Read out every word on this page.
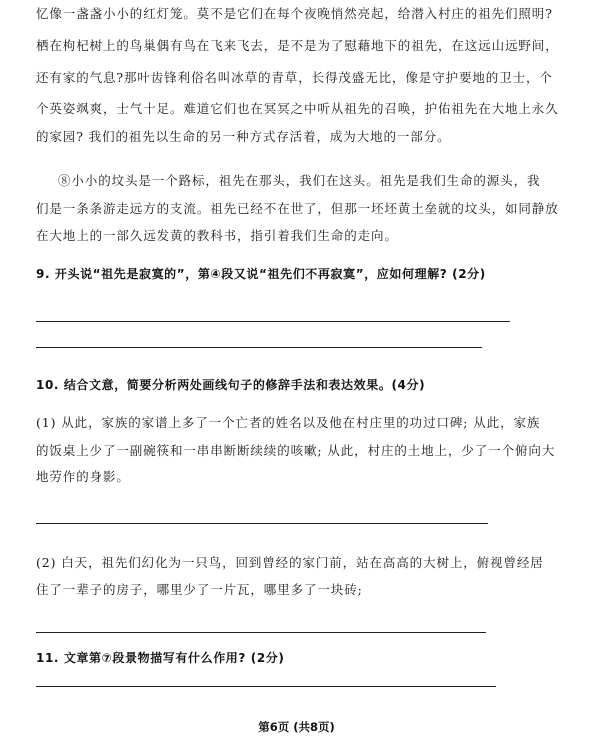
忆像一盏盏小小的红灯笼。莫不是它们在每个夜晚悄然亮起，给潜入村庄的祖先们照明?
栖在枸杞树上的鸟巢偶有鸟在飞来飞去，是不是为了慰藉地下的祖先，在这远山远野间，
还有家的气息?那叶齿锋利俗名叫冰草的青草，长得茂盛无比，像是守护要地的卫士，个
个英姿飒爽，士气十足。难道它们也在冥冥之中听从祖先的召唤，护佑祖先在大地上永久
的家园? 我们的祖先以生命的另一种方式存活着，成为大地的一部分。
⑧小小的坟头是一个路标，祖先在那头，我们在这头。祖先是我们生命的源头，我
们是一条条游走远方的支流。祖先已经不在世了，但那一坯坯黄土垒就的坟头，如同静放
在大地上的一部久远发黄的教科书，指引着我们生命的走向。
9. 开头说“祖先是寂寞的”，第④段又说“祖先们不再寂寞”，应如何理解? (2分)
10. 结合文意，简要分析两处画线句子的修辞手法和表达效果。(4分)
(1) 从此，家族的家谱上多了一个亡者的姓名以及他在村庄里的功过口碑; 从此，家族
的饭桌上少了一副碗筷和一串串断断续续的咳嗽; 从此，村庄的土地上，少了一个俯向大
地劳作的身影。
(2) 白天，祖先们幻化为一只鸟，回到曾经的家门前，站在高高的大树上，俯视曾经居
住了一辈子的房子，哪里少了一片瓦，哪里多了一块砖;
11. 文章第⑦段景物描写有什么作用? (2分)
第6页 (共8页)
